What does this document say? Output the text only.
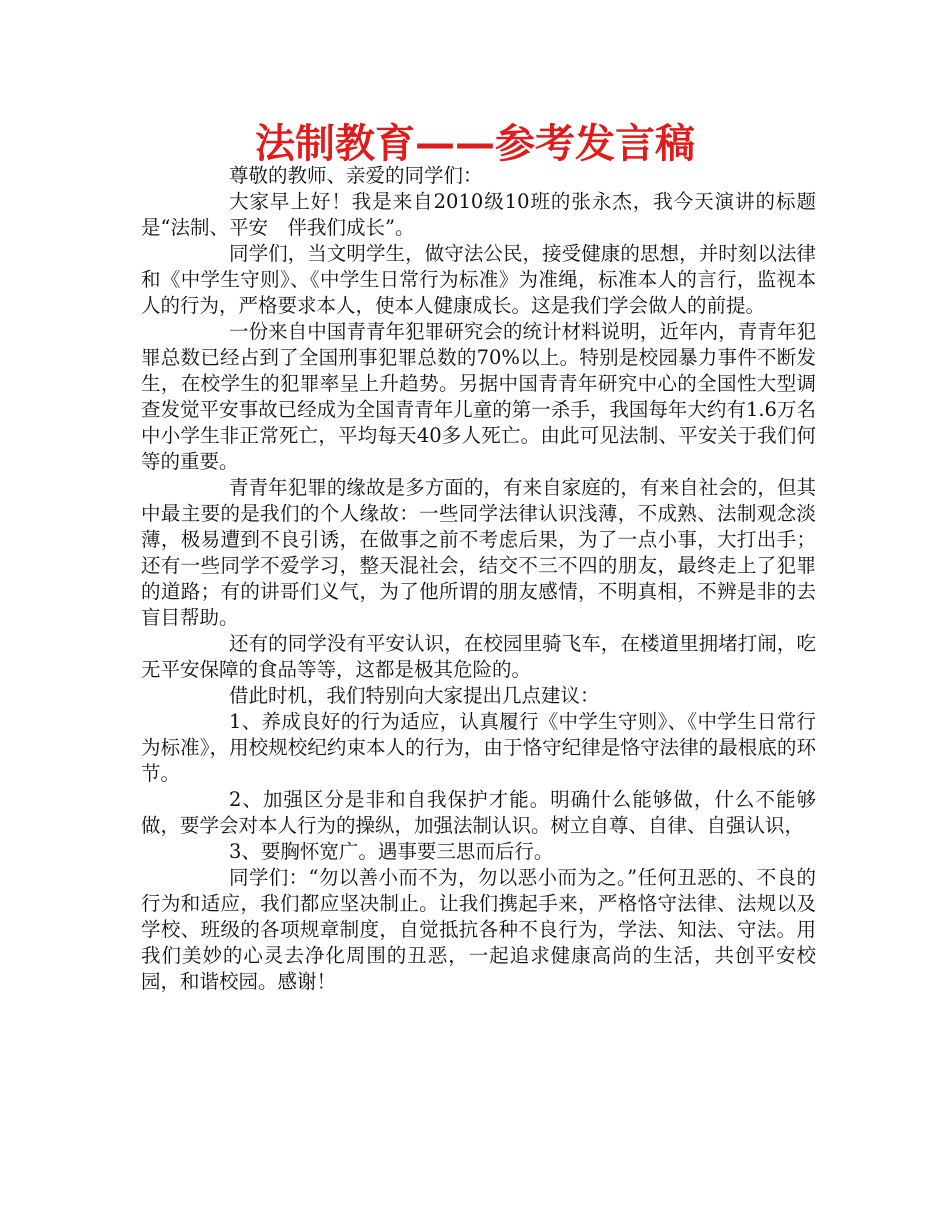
法制教育——参考发言稿

尊敬的教师、亲爱的同学们：

大家早上好！我是来自2010级10班的张永杰，我今天演讲的标题是“法制、平安　伴我们成长”。

同学们，当文明学生，做守法公民，接受健康的思想，并时刻以法律和《中学生守则》、《中学生日常行为标准》为准绳，标准本人的言行，监视本人的行为，严格要求本人，使本人健康成长。这是我们学会做人的前提。

一份来自中国青青年犯罪研究会的统计材料说明，近年内，青青年犯罪总数已经占到了全国刑事犯罪总数的70%以上。特别是校园暴力事件不断发生，在校学生的犯罪率呈上升趋势。另据中国青青年研究中心的全国性大型调查发觉平安事故已经成为全国青青年儿童的第一杀手，我国每年大约有1.6万名中小学生非正常死亡，平均每天40多人死亡。由此可见法制、平安关于我们何等的重要。

青青年犯罪的缘故是多方面的，有来自家庭的，有来自社会的，但其中最主要的是我们的个人缘故：一些同学法律认识浅薄，不成熟、法制观念淡薄，极易遭到不良引诱，在做事之前不考虑后果，为了一点小事，大打出手；还有一些同学不爱学习，整天混社会，结交不三不四的朋友，最终走上了犯罪的道路；有的讲哥们义气，为了他所谓的朋友感情，不明真相，不辨是非的去盲目帮助。

还有的同学没有平安认识，在校园里骑飞车，在楼道里拥堵打闹，吃无平安保障的食品等等，这都是极其危险的。

借此时机，我们特别向大家提出几点建议：

1、养成良好的行为适应，认真履行《中学生守则》、《中学生日常行为标准》，用校规校纪约束本人的行为，由于恪守纪律是恪守法律的最根底的环节。

2、加强区分是非和自我保护才能。明确什么能够做，什么不能够做，要学会对本人行为的操纵，加强法制认识。树立自尊、自律、自强认识，

3、要胸怀宽广。遇事要三思而后行。

同学们：“勿以善小而不为，勿以恶小而为之。”任何丑恶的、不良的行为和适应，我们都应坚决制止。让我们携起手来，严格恪守法律、法规以及学校、班级的各项规章制度，自觉抵抗各种不良行为，学法、知法、守法。用我们美妙的心灵去净化周围的丑恶，一起追求健康高尚的生活，共创平安校园，和谐校园。感谢！
